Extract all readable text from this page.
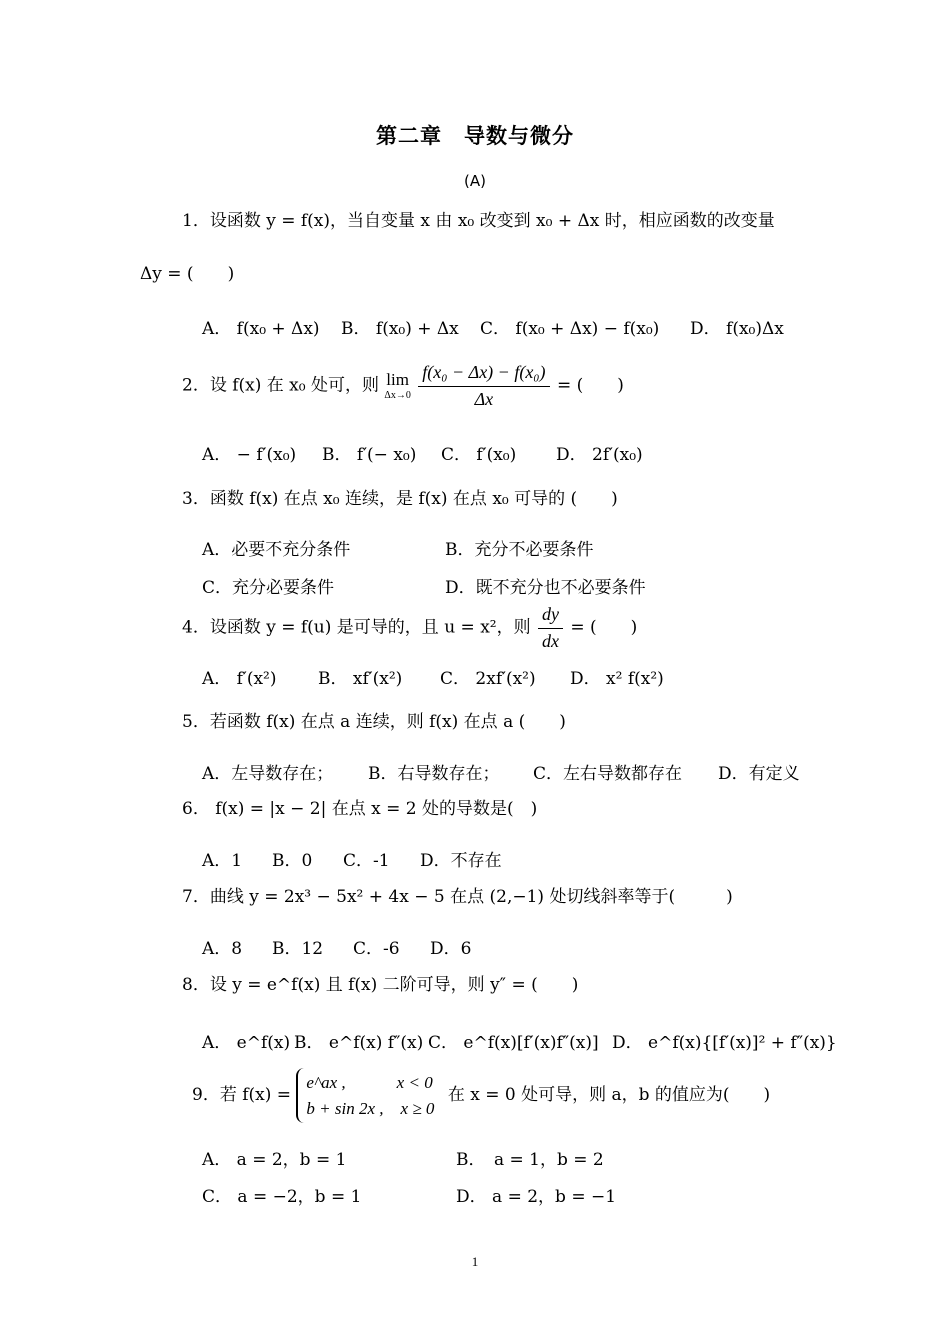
第二章　导数与微分
(A)
1．设函数 y = f(x)，当自变量 x 由 x₀ 改变到 x₀ + Δx 时，相应函数的改变量
Δy = (　　)
A． f(x₀ + Δx) B． f(x₀) + Δx C． f(x₀ + Δx) − f(x₀) D． f(x₀)Δx
2．设 f(x) 在 x₀ 处可，则 lim
Δx→0
$\frac{\text{f(x₀ − Δx) − f(x₀)}}{\Delta x}$ = (　　)
A． − f′(x₀) B． f′(− x₀) C． f′(x₀) D． 2f′(x₀)
3．函数 f(x) 在点 x₀ 连续，是 f(x) 在点 x₀ 可导的 (　　)
A．必要不充分条件	B．充分不必要条件
C．充分必要条件	D．既不充分也不必要条件
4．设函数 y = f(u) 是可导的，且 u = x²，则 $\frac{dy}{dx}$ = (　　)
A． f′(x²) B． xf′(x²) C． 2xf′(x²) D． x² f(x²)
5．若函数 f(x) 在点 a 连续，则 f(x) 在点 a (　　)
A．左导数存在； B．右导数存在； C．左右导数都存在 D．有定义
6． f(x) = |x − 2| 在点 x = 2 处的导数是(　)
A．1 B．0 C．-1 D．不存在
7．曲线 y = 2x³ − 5x² + 4x − 5 在点 (2,−1) 处切线斜率等于(　　　)
A．8 B．12 C．-6 D．6
8．设 y = e^f(x) 且 f(x) 二阶可导，则 y″ = (　　)
A． e^f(x) B． e^f(x) f″(x) C． e^f(x)[f′(x)f″(x)] D． e^f(x){[f′(x)]² + f″(x)}
9．若 f(x) =
e^ax ,　　　x < 0
b + sin 2x ,　x ≥ 0
在 x = 0 处可导，则 a，b 的值应为(　　)
A． a = 2，b = 1	B．　a = 1，b = 2
C． a = −2，b = 1	D． a = 2，b = −1
1
